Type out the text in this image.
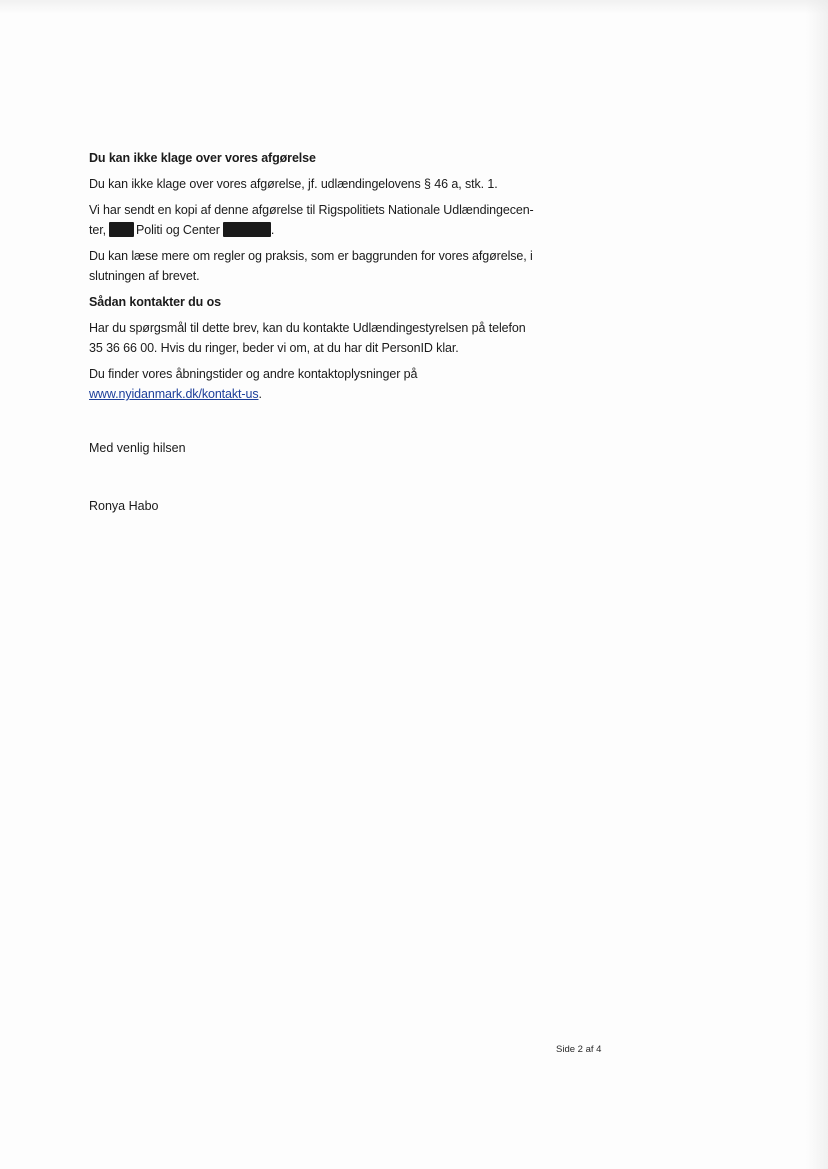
Du kan ikke klage over vores afgørelse

Du kan ikke klage over vores afgørelse, jf. udlændingelovens § 46 a, stk. 1.

Vi har sendt en kopi af denne afgørelse til Rigspolitiets Nationale Udlændingecen-
ter, Politi og Center	.

Du kan læse mere om regler og praksis, som er baggrunden for vores afgørelse, i
slutningen af brevet.

Sådan kontakter du os

Har du spørgsmål til dette brev, kan du kontakte Udlændingestyrelsen på telefon
35 36 66 00. Hvis du ringer, beder vi om, at du har dit PersonID klar.

Du finder vores åbningstider og andre kontaktoplysninger på
www.nyidanmark.dk/kontakt-us.

Med venlig hilsen

Ronya Habo

Side 2 af 4
